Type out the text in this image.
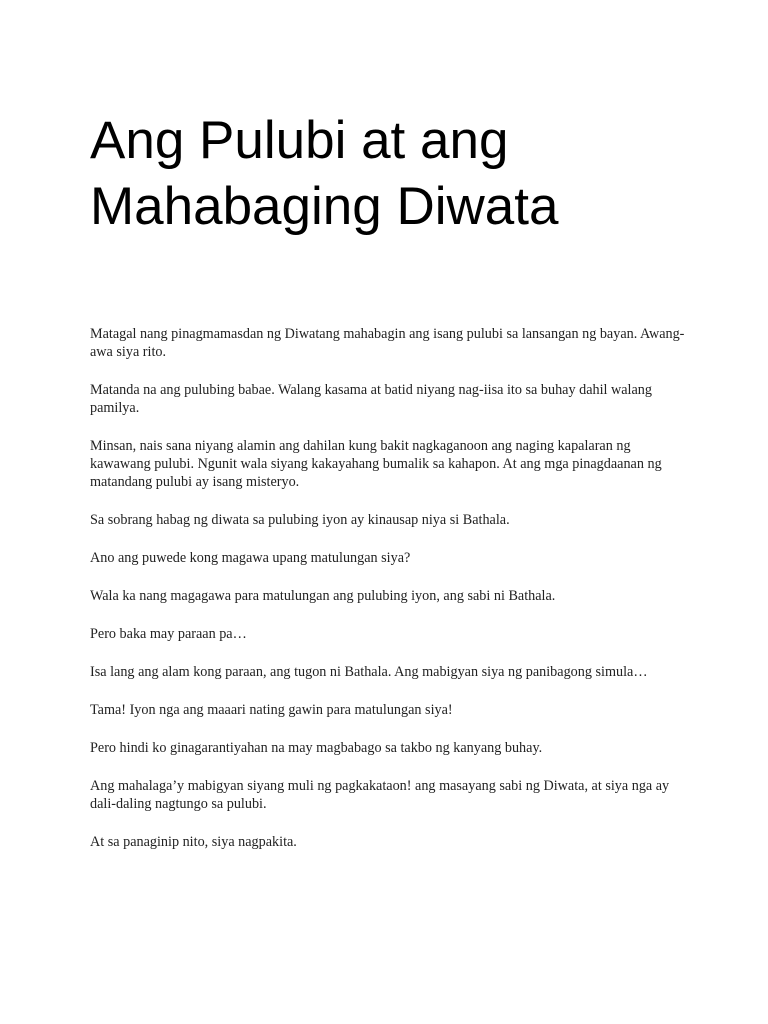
Ang Pulubi at ang
Mahabaging Diwata

Matagal nang pinagmamasdan ng Diwatang mahabagin ang isang pulubi sa lansangan ng bayan. Awang-awa siya rito.

Matanda na ang pulubing babae. Walang kasama at batid niyang nag-iisa ito sa buhay dahil walang pamilya.

Minsan, nais sana niyang alamin ang dahilan kung bakit nagkaganoon ang naging kapalaran ng kawawang pulubi. Ngunit wala siyang kakayahang bumalik sa kahapon. At ang mga pinagdaanan ng matandang pulubi ay isang misteryo.

Sa sobrang habag ng diwata sa pulubing iyon ay kinausap niya si Bathala.

Ano ang puwede kong magawa upang matulungan siya?

Wala ka nang magagawa para matulungan ang pulubing iyon, ang sabi ni Bathala.

Pero baka may paraan pa…

Isa lang ang alam kong paraan, ang tugon ni Bathala. Ang mabigyan siya ng panibagong simula…

Tama! Iyon nga ang maaari nating gawin para matulungan siya!

Pero hindi ko ginagarantiyahan na may magbabago sa takbo ng kanyang buhay.

Ang mahalaga’y mabigyan siyang muli ng pagkakataon! ang masayang sabi ng Diwata, at siya nga ay dali-daling nagtungo sa pulubi.

At sa panaginip nito, siya nagpakita.
